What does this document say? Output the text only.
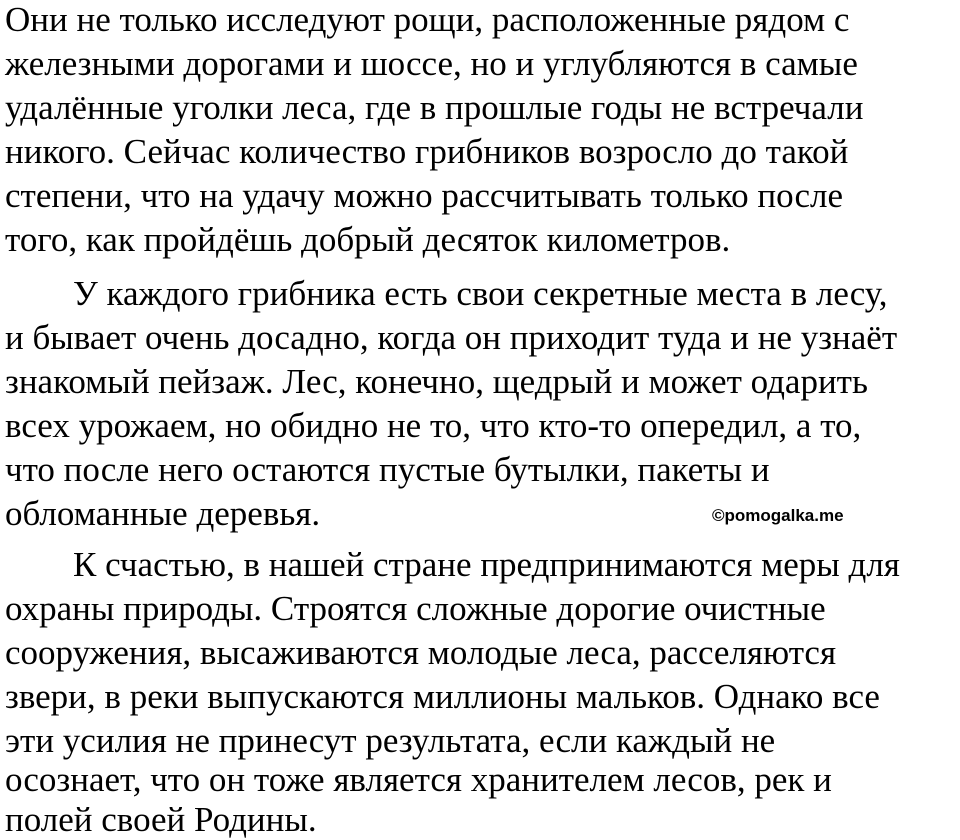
Они не только исследуют рощи, расположенные рядом с
железными дорогами и шоссе, но и углубляются в самые
удалённые уголки леса, где в прошлые годы не встречали
никого. Сейчас количество грибников возросло до такой
степени, что на удачу можно рассчитывать только после
того, как пройдёшь добрый десяток километров.
У каждого грибника есть свои секретные места в лесу,
и бывает очень досадно, когда он приходит туда и не узнаёт
знакомый пейзаж. Лес, конечно, щедрый и может одарить
всех урожаем, но обидно не то, что кто-то опередил, а то,
что после него остаются пустые бутылки, пакеты и
обломанные деревья.	©pomogalka.me
К счастью, в нашей стране предпринимаются меры для
охраны природы. Строятся сложные дорогие очистные
сооружения, высаживаются молодые леса, расселяются
звери, в реки выпускаются миллионы мальков. Однако все
эти усилия не принесут результата, если каждый не
осознает, что он тоже является хранителем лесов, рек и
полей своей Родины.
